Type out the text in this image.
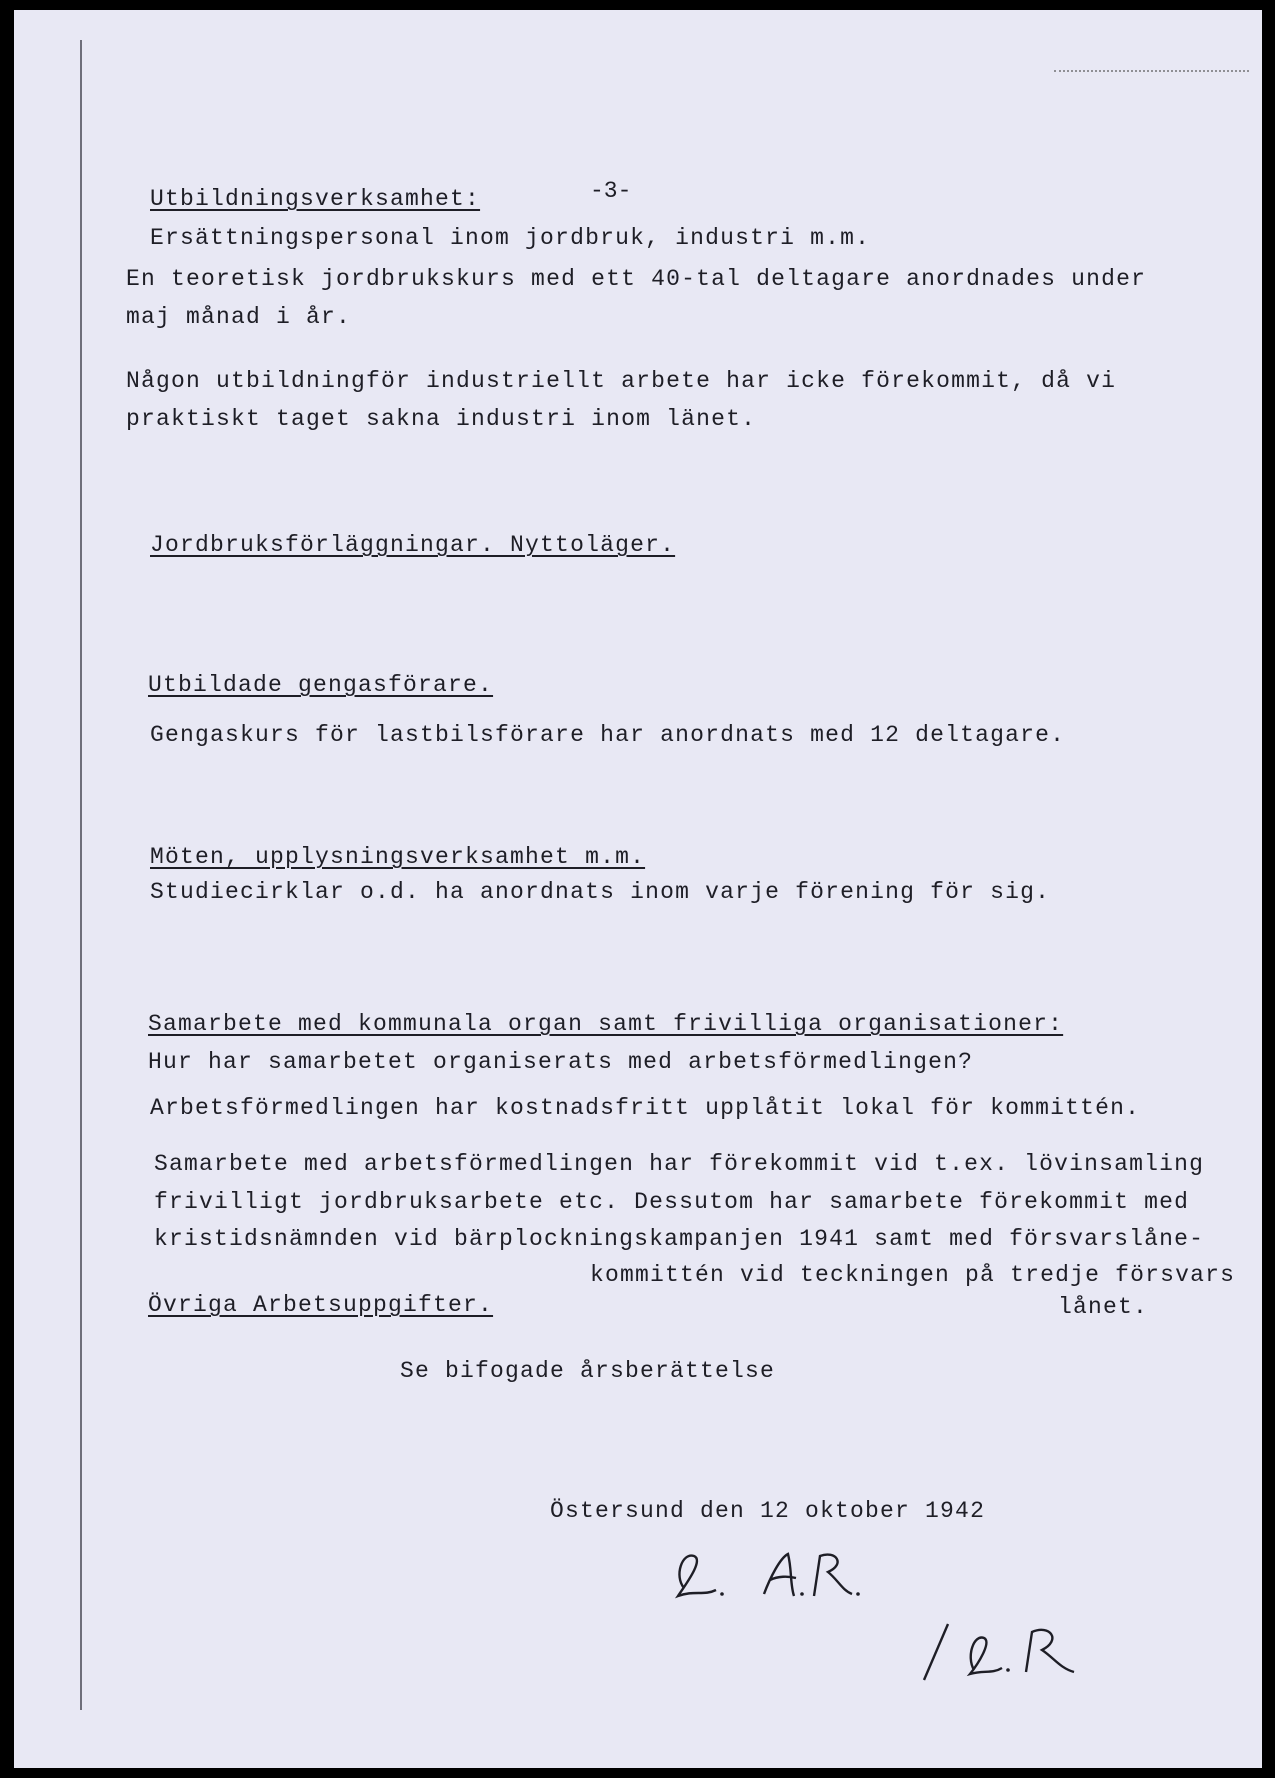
-3-
Utbildningsverksamhet:
Ersättningspersonal inom jordbruk, industri m.m.
En teoretisk jordbrukskurs med ett 40-tal deltagare anordnades under
maj månad i år.
Någon utbildningför industriellt arbete har icke förekommit, då vi
praktiskt taget sakna industri inom länet.
Jordbruksförläggningar. Nyttoläger.
Utbildade gengasförare.
Gengaskurs för lastbilsförare har anordnats med 12 deltagare.
Möten, upplysningsverksamhet m.m.
Studiecirklar o.d. ha anordnats inom varje förening för sig.
Samarbete med kommunala organ samt frivilliga organisationer:
Hur har samarbetet organiserats med arbetsförmedlingen?
Arbetsförmedlingen har kostnadsfritt upplåtit lokal för kommittén.
Samarbete med arbetsförmedlingen har förekommit vid t.ex. lövinsamling
frivilligt jordbruksarbete etc. Dessutom har samarbete förekommit med
kristidsnämnden vid bärplockningskampanjen 1941 samt med försvarslåne-
kommittén vid teckningen på tredje försvars
lånet.
Övriga Arbetsuppgifter.
Se bifogade årsberättelse
Östersund den 12 oktober 1942
